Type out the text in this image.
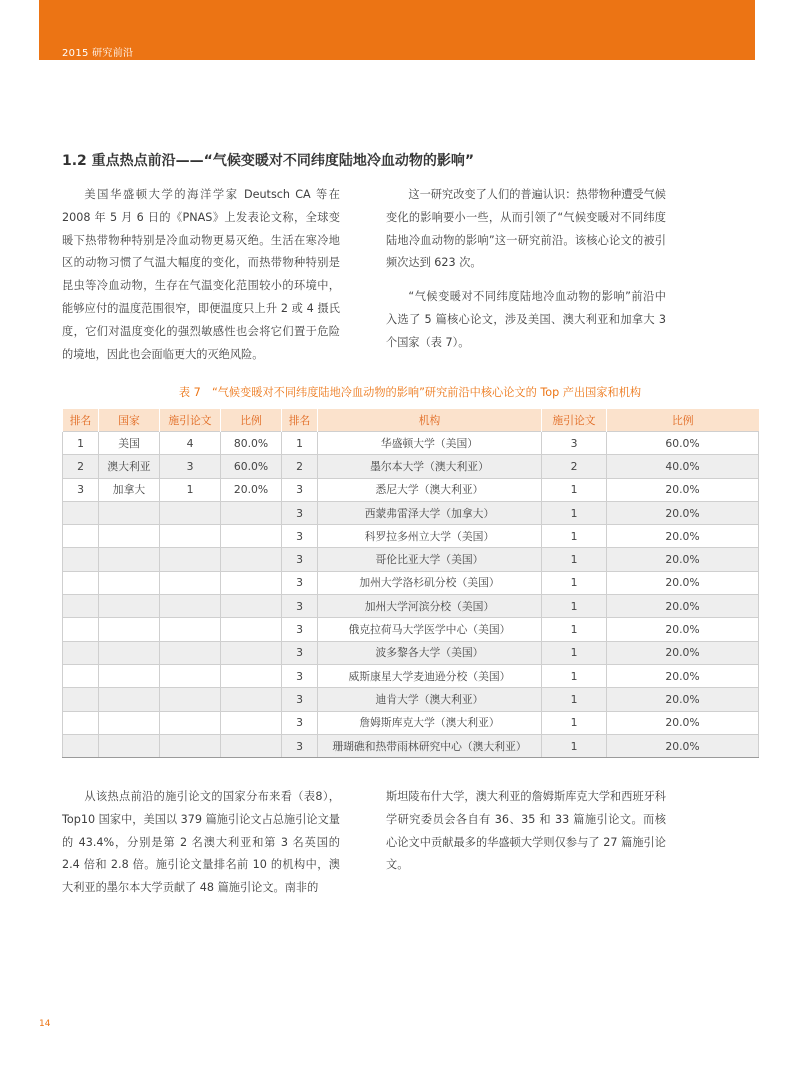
2015 研究前沿
1.2 重点热点前沿——“气候变暖对不同纬度陆地冷血动物的影响”

美国华盛顿大学的海洋学家 Deutsch CA 等在 2008 年 5 月 6 日的《PNAS》上发表论文称，全球变暖下热带物种特别是冷血动物更易灭绝。生活在寒冷地区的动物习惯了气温大幅度的变化，而热带物种特别是昆虫等冷血动物，生存在气温变化范围较小的环境中，能够应付的温度范围很窄，即便温度只上升 2 或 4 摄氏度，它们对温度变化的强烈敏感性也会将它们置于危险的境地，因此也会面临更大的灭绝风险。

这一研究改变了人们的普遍认识：热带物种遭受气候变化的影响要小一些，从而引领了“气候变暖对不同纬度陆地冷血动物的影响”这一研究前沿。该核心论文的被引频次达到 623 次。

“气候变暖对不同纬度陆地冷血动物的影响”前沿中入选了 5 篇核心论文，涉及美国、澳大利亚和加拿大 3 个国家（表 7）。

表 7　“气候变暖对不同纬度陆地冷血动物的影响”研究前沿中核心论文的 Top 产出国家和机构
排名	国家	施引论文	比例	排名	机构	施引论文	比例
1	美国	4	80.0%	1	华盛顿大学（美国）	3	60.0%
2	澳大利亚	3	60.0%	2	墨尔本大学（澳大利亚）	2	40.0%
3	加拿大	1	20.0%	3	悉尼大学（澳大利亚）	1	20.0%
				3	西蒙弗雷泽大学（加拿大）	1	20.0%
				3	科罗拉多州立大学（美国）	1	20.0%
				3	哥伦比亚大学（美国）	1	20.0%
				3	加州大学洛杉矶分校（美国）	1	20.0%
				3	加州大学河滨分校（美国）	1	20.0%
				3	俄克拉荷马大学医学中心（美国）	1	20.0%
				3	波多黎各大学（美国）	1	20.0%
				3	威斯康星大学麦迪逊分校（美国）	1	20.0%
				3	迪肯大学（澳大利亚）	1	20.0%
				3	詹姆斯库克大学（澳大利亚）	1	20.0%
				3	珊瑚礁和热带雨林研究中心（澳大利亚）	1	20.0%

从该热点前沿的施引论文的国家分布来看（表8），Top10 国家中，美国以 379 篇施引论文占总施引论文量的 43.4%，分别是第 2 名澳大利亚和第 3 名英国的 2.4 倍和 2.8 倍。施引论文量排名前 10 的机构中，澳大利亚的墨尔本大学贡献了 48 篇施引论文。南非的

斯坦陵布什大学，澳大利亚的詹姆斯库克大学和西班牙科学研究委员会各自有 36、35 和 33 篇施引论文。而核心论文中贡献最多的华盛顿大学则仅参与了 27 篇施引论文。

14
